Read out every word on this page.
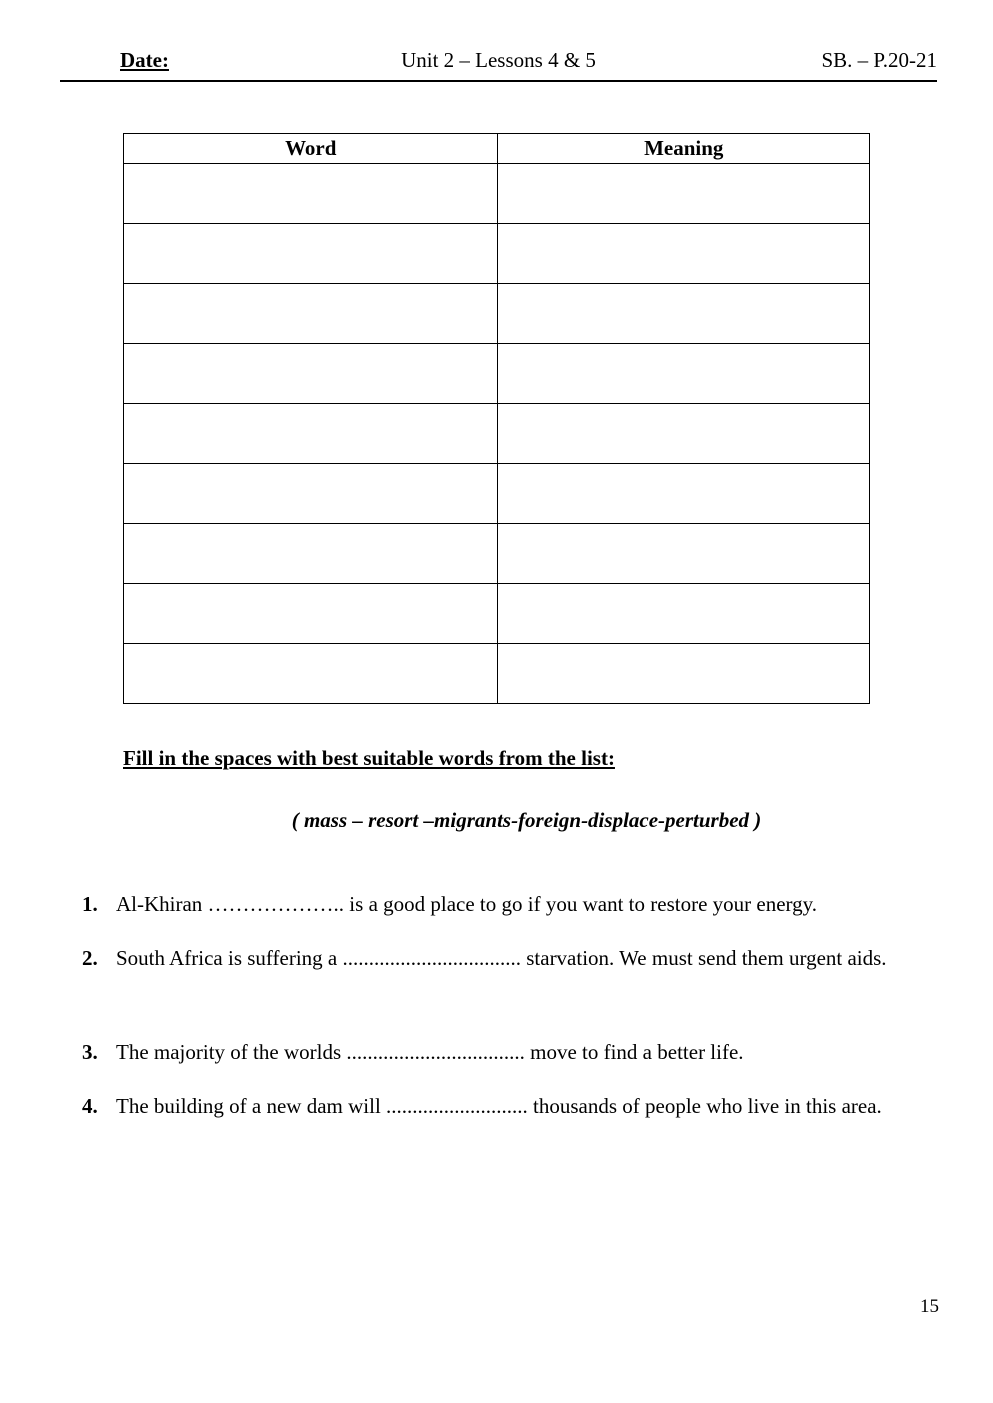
Date:	Unit 2 – Lessons 4 & 5	SB. – P.20-21
Word	Meaning

Fill in the spaces with best suitable words from the list:
( mass – resort –migrants-foreign-displace-perturbed )
1. Al-Khiran ……………….. is a good place to go if you want to restore your energy.
2. South Africa is suffering a .................................. starvation. We must send them urgent aids.
3. The majority of the worlds .................................. move to find a better life.
4. The building of a new dam will ........................... thousands of people who live in this area.
15
